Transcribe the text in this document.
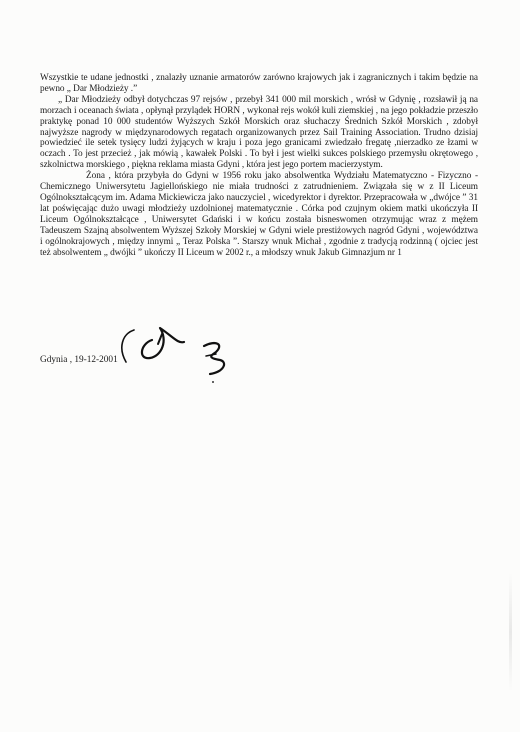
Wszystkie te udane jednostki , znalazły uznanie armatorów zarówno krajowych jak i zagranicznych i takim będzie na pewno „ Dar Młodzieży .”

„ Dar Młodzieży odbył dotychczas 97 rejsów , przebył 341 000 mil morskich , wrósł w Gdynię , rozsławił ją na morzach i oceanach świata , opłynął przylądek HORN , wykonał rejs wokół kuli ziemskiej , na jego pokładzie przeszło praktykę ponad 10 000 studentów Wyższych Szkół Morskich oraz słuchaczy Średnich Szkół Morskich , zdobył najwyższe nagrody w międzynarodowych regatach organizowanych przez Sail Training Association. Trudno dzisiaj powiedzieć ile setek tysięcy ludzi żyjących w kraju i poza jego granicami zwiedzało fregatę ,nierzadko ze łzami w oczach . To jest przecież , jak mówią , kawałek Polski . To był i jest wielki sukces polskiego przemysłu okrętowego , szkolnictwa morskiego , piękna reklama miasta Gdyni , która jest jego portem macierzystym.

Żona , która przybyła do Gdyni w 1956 roku jako absolwentka Wydziału Matematyczno - Fizyczno - Chemicznego Uniwersytetu Jagiellońskiego nie miała trudności z zatrudnieniem. Związała się w z II Liceum Ogólnokształcącym im. Adama Mickiewicza jako nauczyciel , wicedyrektor i dyrektor. Przepracowała w „dwójce ” 31 lat poświęcając dużo uwagi młodzieży uzdolnionej matematycznie . Córka pod czujnym okiem matki ukończyła II Liceum Ogólnokształcące , Uniwersytet Gdański i w końcu została bisneswomen otrzymując wraz z mężem Tadeuszem Szajną absolwentem Wyższej Szkoły Morskiej w Gdyni wiele prestiżowych nagród Gdyni , województwa i ogólnokrajowych , między innymi „ Teraz Polska ”. Starszy wnuk Michał , zgodnie z tradycją rodzinną ( ojciec jest też absolwentem „ dwójki ” ukończy II Liceum w 2002 r., a młodszy wnuk Jakub Gimnazjum nr 1

Gdynia , 19-12-2001
